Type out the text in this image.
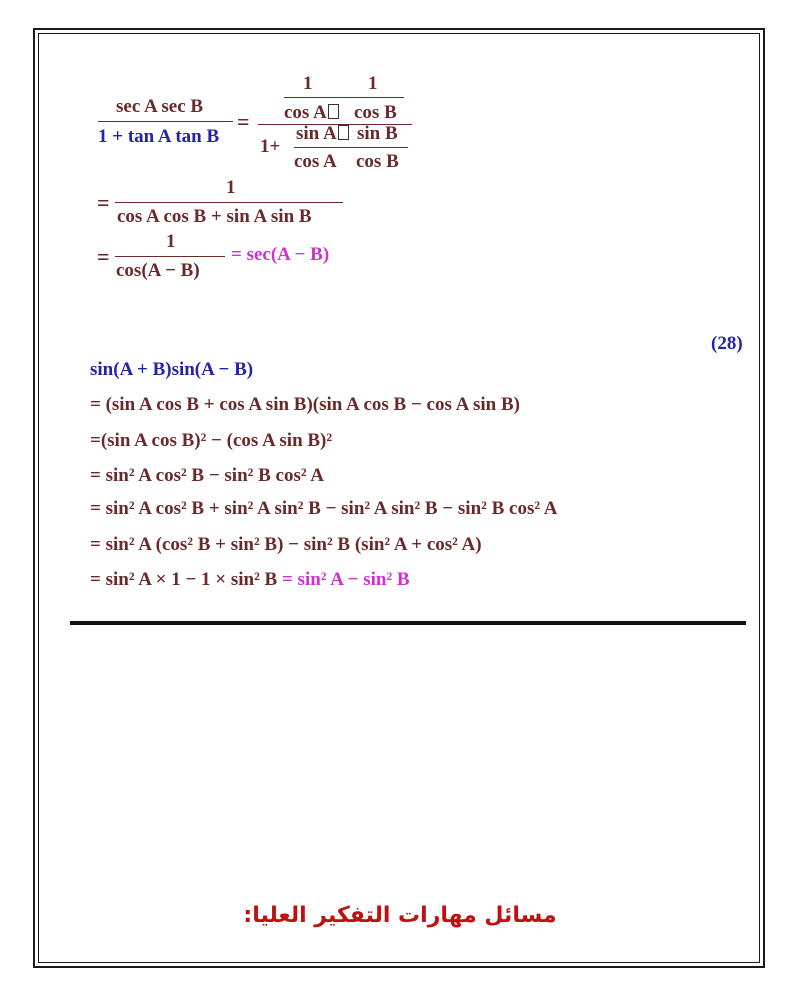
sec A sec B
1 + tan A tan B
=
1	1
cos A	cos B
1+
sin A	sin B
cos A cos B
=
1
cos A cos B + sin A sin B
=
1
cos(A − B)
= sec(A − B)
(28)
sin(A + B)sin(A − B)
= (sin A cos B + cos A sin B)(sin A cos B − cos A sin B)
=(sin A cos B)² − (cos A sin B)²
= sin² A cos² B − sin² B cos² A
= sin² A cos² B + sin² A sin² B − sin² A sin² B − sin² B cos² A
= sin² A (cos² B + sin² B) − sin² B (sin² A + cos² A)
= sin² A × 1 − 1 × sin² B = sin² A − sin² B
مسائل مهارات التفكير العليا:
